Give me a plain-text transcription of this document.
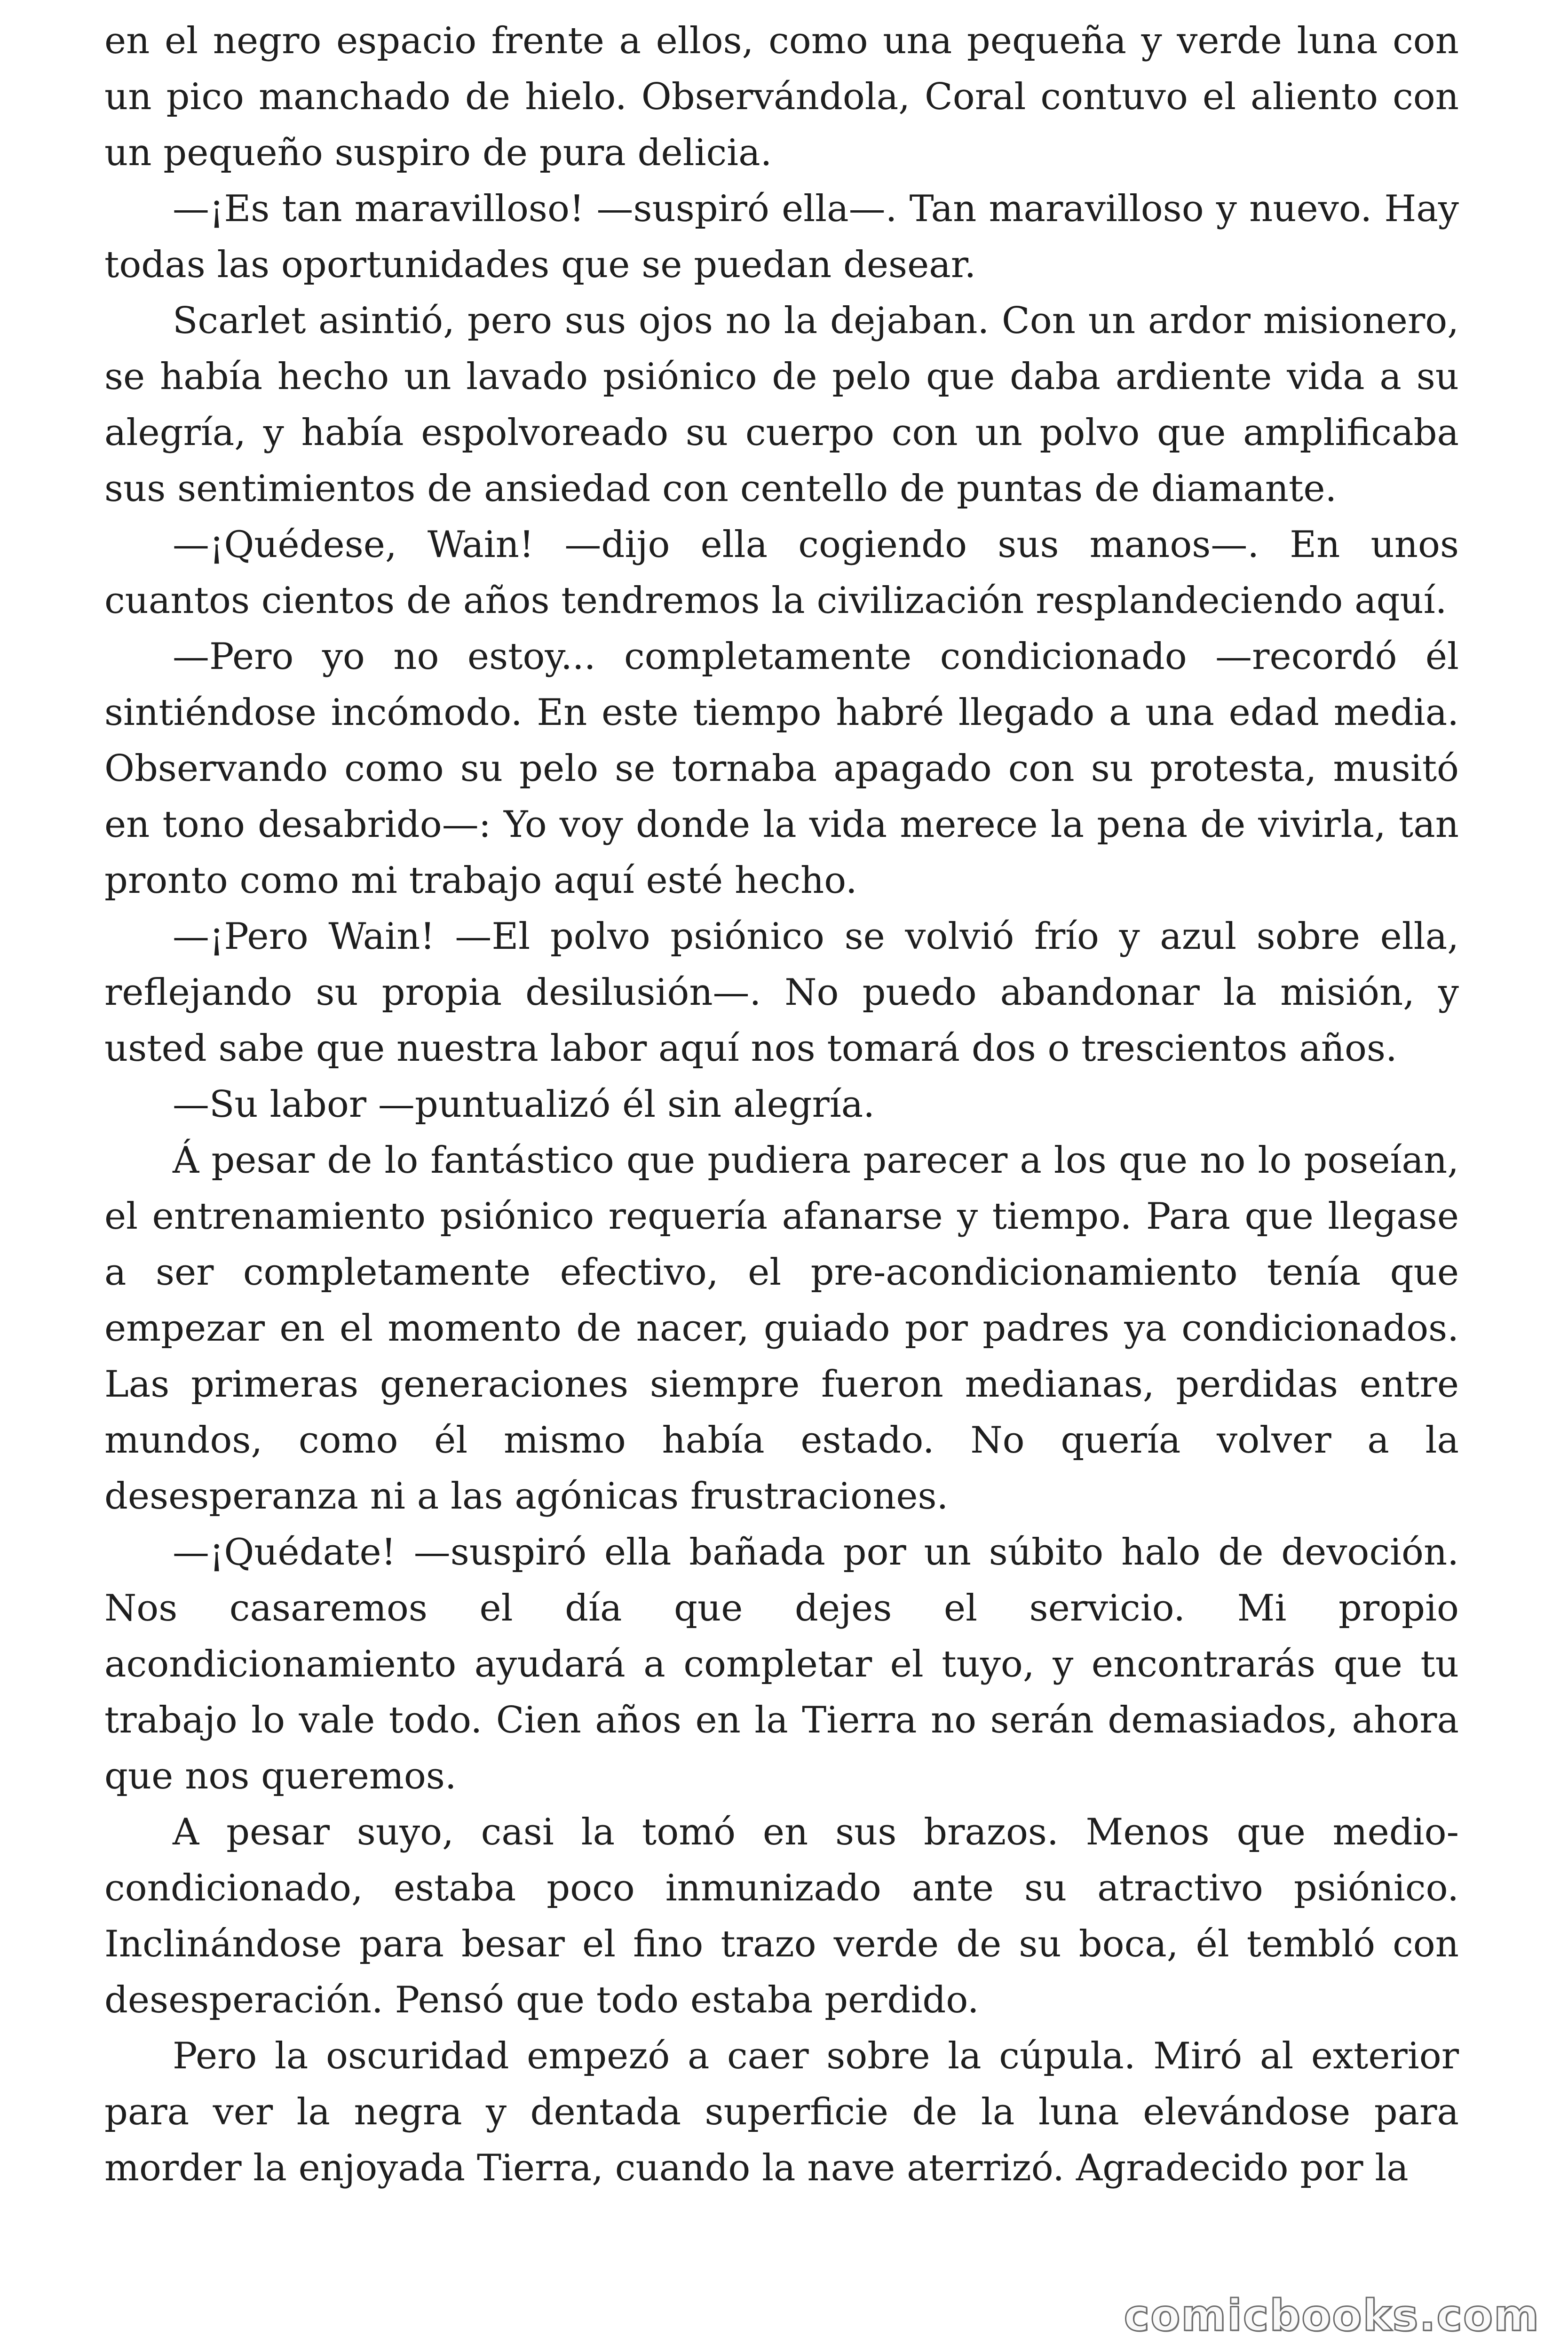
en el negro espacio frente a ellos, como una pequeña y verde luna con un pico manchado de hielo. Observándola, Coral contuvo el aliento con un pequeño suspiro de pura delicia.

—¡Es tan maravilloso! —suspiró ella—. Tan maravilloso y nuevo. Hay todas las oportunidades que se puedan desear.

Scarlet asintió, pero sus ojos no la dejaban. Con un ardor misionero, se había hecho un lavado psiónico de pelo que daba ardiente vida a su alegría, y había espolvoreado su cuerpo con un polvo que amplificaba sus sentimientos de ansiedad con centello de puntas de diamante.

—¡Quédese, Wain! —dijo ella cogiendo sus manos—. En unos cuantos cientos de años tendremos la civilización resplandeciendo aquí.

—Pero yo no estoy... completamente condicionado —recordó él sintiéndose incómodo. En este tiempo habré llegado a una edad media. Observando como su pelo se tornaba apagado con su protesta, musitó en tono desabrido—: Yo voy donde la vida merece la pena de vivirla, tan pronto como mi trabajo aquí esté hecho.

—¡Pero Wain! —El polvo psiónico se volvió frío y azul sobre ella, reflejando su propia desilusión—. No puedo abandonar la misión, y usted sabe que nuestra labor aquí nos tomará dos o trescientos años.

—Su labor —puntualizó él sin alegría.

Á pesar de lo fantástico que pudiera parecer a los que no lo poseían, el entrenamiento psiónico requería afanarse y tiempo. Para que llegase a ser completamente efectivo, el pre-acondicionamiento tenía que empezar en el momento de nacer, guiado por padres ya condicionados. Las primeras generaciones siempre fueron medianas, perdidas entre mundos, como él mismo había estado. No quería volver a la desesperanza ni a las agónicas frustraciones.

—¡Quédate! —suspiró ella bañada por un súbito halo de devoción. Nos casaremos el día que dejes el servicio. Mi propio acondicionamiento ayudará a completar el tuyo, y encontrarás que tu trabajo lo vale todo. Cien años en la Tierra no serán demasiados, ahora que nos queremos.

A pesar suyo, casi la tomó en sus brazos. Menos que medio-condicionado, estaba poco inmunizado ante su atractivo psiónico. Inclinándose para besar el fino trazo verde de su boca, él tembló con desesperación. Pensó que todo estaba perdido.

Pero la oscuridad empezó a caer sobre la cúpula. Miró al exterior para ver la negra y dentada superficie de la luna elevándose para morder la enjoyada Tierra, cuando la nave aterrizó. Agradecido por la

comicbooks.com
